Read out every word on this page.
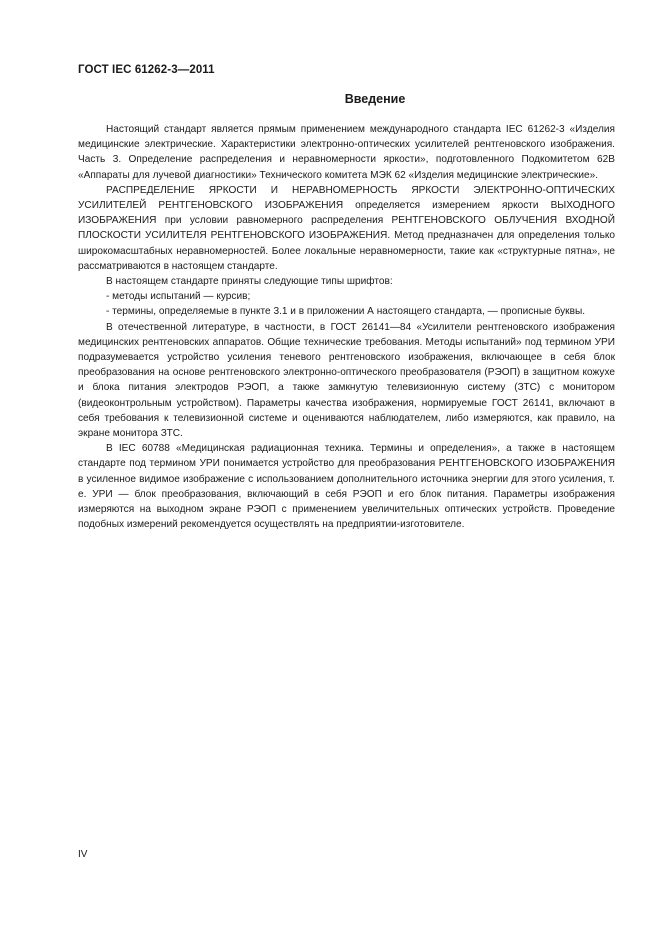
ГОСТ IEC 61262-3—2011
Введение

Настоящий стандарт является прямым применением международного стандарта IEC 61262-3 «Изделия медицинские электрические. Характеристики электронно-оптических усилителей рентгеновского изображения. Часть 3. Определение распределения и неравномерности яркости», подготовленного Подкомитетом 62В «Аппараты для лучевой диагностики» Технического комитета МЭК 62 «Изделия медицинские электрические».

РАСПРЕДЕЛЕНИЕ ЯРКОСТИ И НЕРАВНОМЕРНОСТЬ ЯРКОСТИ ЭЛЕКТРОННО-ОПТИЧЕСКИХ УСИЛИТЕЛЕЙ РЕНТГЕНОВСКОГО ИЗОБРАЖЕНИЯ определяется измерением яркости ВЫХОДНОГО ИЗОБРАЖЕНИЯ при условии равномерного распределения РЕНТГЕНОВСКОГО ОБЛУЧЕНИЯ ВХОДНОЙ ПЛОСКОСТИ УСИЛИТЕЛЯ РЕНТГЕНОВСКОГО ИЗОБРАЖЕНИЯ. Метод предназначен для определения только широкомасштабных неравномерностей. Более локальные неравномерности, такие как «структурные пятна», не рассматриваются в настоящем стандарте.

В настоящем стандарте приняты следующие типы шрифтов:

- методы испытаний — курсив;

- термины, определяемые в пункте 3.1 и в приложении А настоящего стандарта, — прописные буквы.

В отечественной литературе, в частности, в ГОСТ 26141—84 «Усилители рентгеновского изображения медицинских рентгеновских аппаратов. Общие технические требования. Методы испытаний» под термином УРИ подразумевается устройство усиления теневого рентгеновского изображения, включающее в себя блок преобразования на основе рентгеновского электронно-оптического преобразователя (РЭОП) в защитном кожухе и блока питания электродов РЭОП, а также замкнутую телевизионную систему (ЗТС) с монитором (видеоконтрольным устройством). Параметры качества изображения, нормируемые ГОСТ 26141, включают в себя требования к телевизионной системе и оцениваются наблюдателем, либо измеряются, как правило, на экране монитора ЗТС.

В IEC 60788 «Медицинская радиационная техника. Термины и определения», а также в настоящем стандарте под термином УРИ понимается устройство для преобразования РЕНТГЕНОВСКОГО ИЗОБРАЖЕНИЯ в усиленное видимое изображение с использованием дополнительного источника энергии для этого усиления, т. е. УРИ — блок преобразования, включающий в себя РЭОП и его блок питания. Параметры изображения измеряются на выходном экране РЭОП с применением увеличительных оптических устройств. Проведение подобных измерений рекомендуется осуществлять на предприятии-изготовителе.

IV
